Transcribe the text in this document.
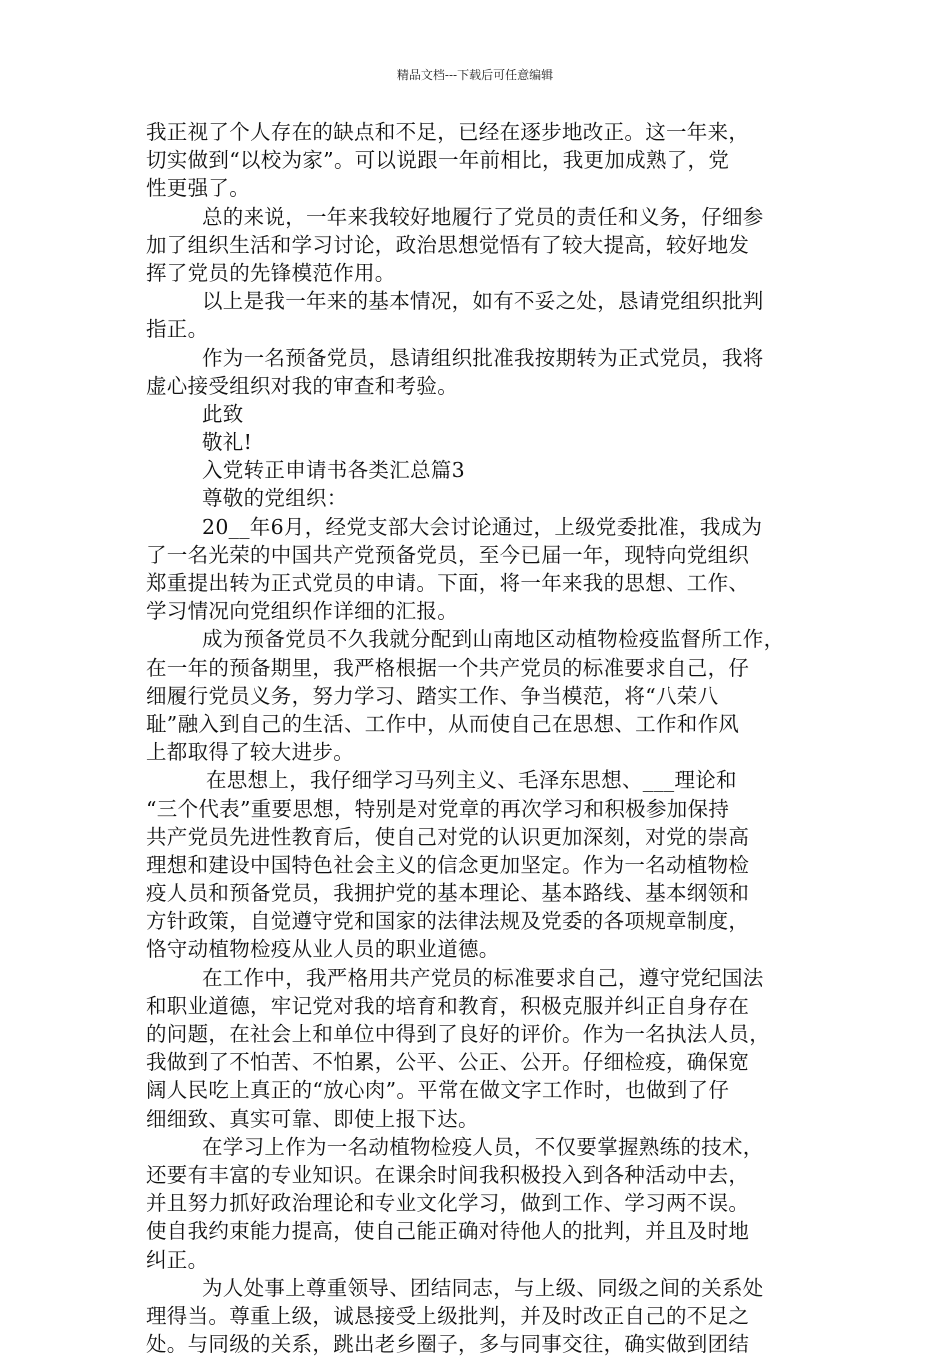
精品文档---下载后可任意编辑
我正视了个人存在的缺点和不足，已经在逐步地改正。这一年来，
切实做到“以校为家”。可以说跟一年前相比，我更加成熟了，党
性更强了。
总的来说，一年来我较好地履行了党员的责任和义务，仔细参
加了组织生活和学习讨论，政治思想觉悟有了较大提高，较好地发
挥了党员的先锋模范作用。
以上是我一年来的基本情况，如有不妥之处，恳请党组织批判
指正。
作为一名预备党员，恳请组织批准我按期转为正式党员，我将
虚心接受组织对我的审查和考验。
此致
敬礼!
入党转正申请书各类汇总篇3
尊敬的党组织：
20__年6月，经党支部大会讨论通过，上级党委批准，我成为
了一名光荣的中国共产党预备党员，至今已届一年，现特向党组织
郑重提出转为正式党员的申请。下面，将一年来我的思想、工作、
学习情况向党组织作详细的汇报。
成为预备党员不久我就分配到山南地区动植物检疫监督所工作，
在一年的预备期里，我严格根据一个共产党员的标准要求自己，仔
细履行党员义务，努力学习、踏实工作、争当模范，将“八荣八
耻”融入到自己的生活、工作中，从而使自己在思想、工作和作风
上都取得了较大进步。
在思想上，我仔细学习马列主义、毛泽东思想、___理论和
“三个代表”重要思想，特别是对党章的再次学习和积极参加保持
共产党员先进性教育后，使自己对党的认识更加深刻，对党的崇高
理想和建设中国特色社会主义的信念更加坚定。作为一名动植物检
疫人员和预备党员，我拥护党的基本理论、基本路线、基本纲领和
方针政策，自觉遵守党和国家的法律法规及党委的各项规章制度，
恪守动植物检疫从业人员的职业道德。
在工作中，我严格用共产党员的标准要求自己，遵守党纪国法
和职业道德，牢记党对我的培育和教育，积极克服并纠正自身存在
的问题，在社会上和单位中得到了良好的评价。作为一名执法人员，
我做到了不怕苦、不怕累，公平、公正、公开。仔细检疫，确保宽
阔人民吃上真正的“放心肉”。平常在做文字工作时，也做到了仔
细细致、真实可靠、即使上报下达。
在学习上作为一名动植物检疫人员，不仅要掌握熟练的技术，
还要有丰富的专业知识。在课余时间我积极投入到各种活动中去，
并且努力抓好政治理论和专业文化学习，做到工作、学习两不误。
使自我约束能力提高，使自己能正确对待他人的批判，并且及时地
纠正。
为人处事上尊重领导、团结同志，与上级、同级之间的关系处
理得当。尊重上级，诚恳接受上级批判，并及时改正自己的不足之
处。与同级的关系，跳出老乡圈子，多与同事交往，确实做到团结
